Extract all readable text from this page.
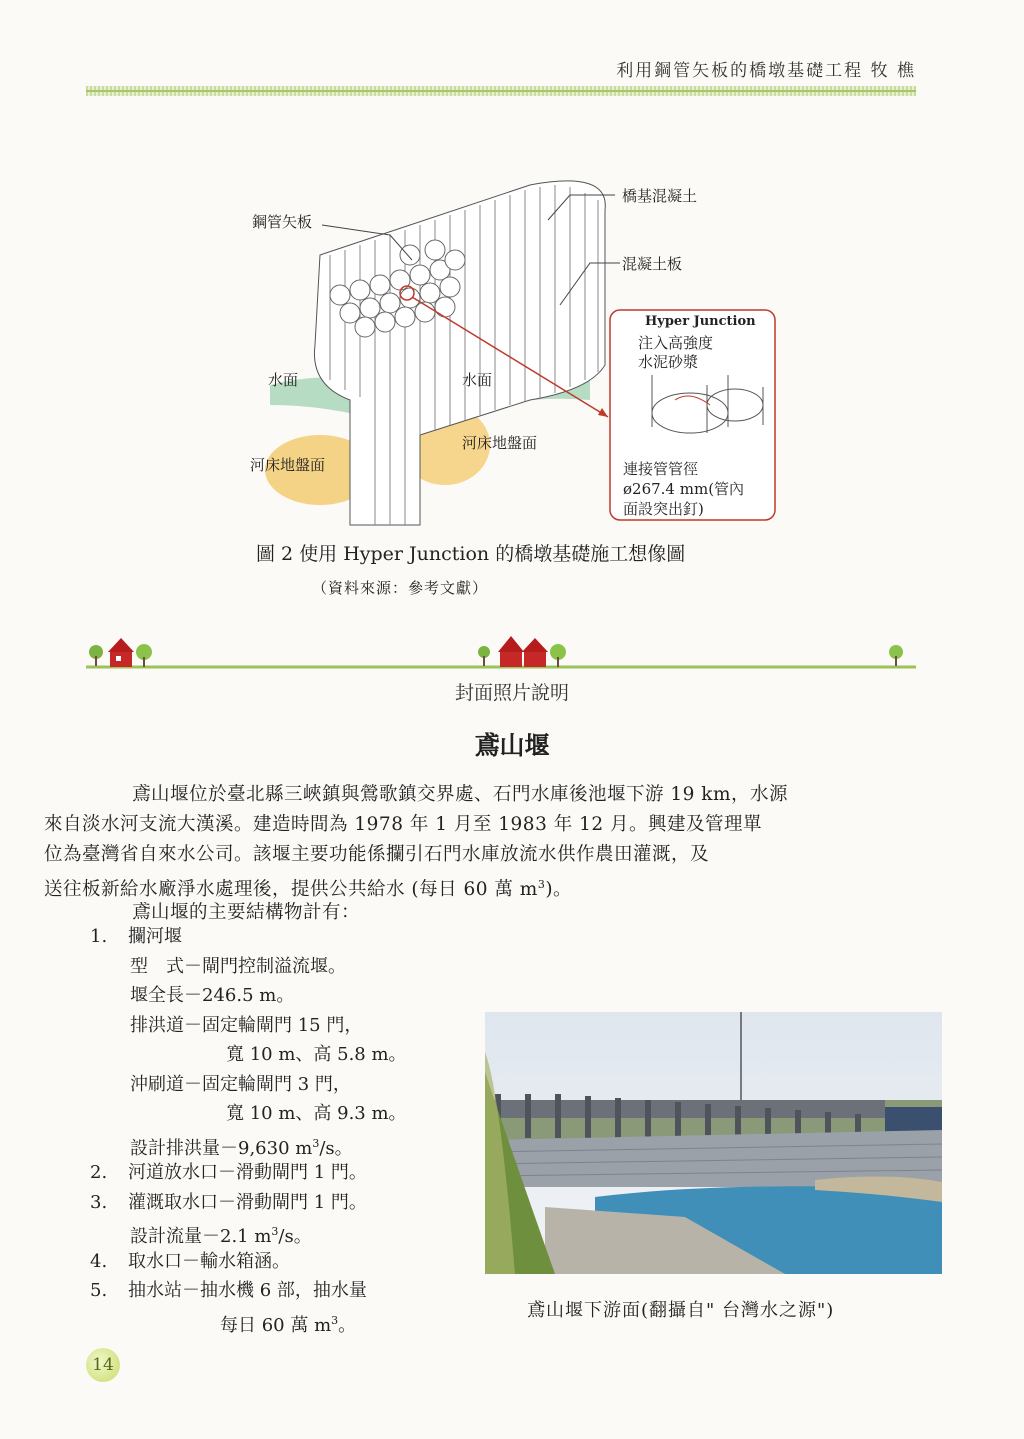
利用鋼管矢板的橋墩基礎工程 牧 樵
鋼管矢板
橋基混凝土
混凝土板
水面	水面
河床地盤面
河床地盤面
Hyper Junction
注入高強度
水泥砂漿
連接管管徑
ø267.4 mm(管內
面設突出釘)
圖 2 使用 Hyper Junction 的橋墩基礎施工想像圖
（資料來源：參考文獻）
封面照片說明
鳶山堰
鳶山堰位於臺北縣三峽鎮與鶯歌鎮交界處、石門水庫後池堰下游 19 km，水源
來自淡水河支流大漢溪。建造時間為 1978 年 1 月至 1983 年 12 月。興建及管理單
位為臺灣省自來水公司。該堰主要功能係攔引石門水庫放流水供作農田灌溉，及
送往板新給水廠淨水處理後，提供公共給水 (每日 60 萬 $m^3$)。
鳶山堰的主要結構物計有：
1. 攔河堰
型　式－閘門控制溢流堰。
堰全長－246.5 m。
排洪道－固定輪閘門 15 門，
寬 10 m、高 5.8 m。
沖刷道－固定輪閘門 3 門，
寬 10 m、高 9.3 m。
設計排洪量－9,630 $m^3/s$。
2. 河道放水口－滑動閘門 1 門。
3. 灌溉取水口－滑動閘門 1 門。
設計流量－2.1 $m^3/s$。
4. 取水口－輸水箱涵。
5. 抽水站－抽水機 6 部，抽水量
每日 60 萬 $m^3$。
鳶山堰下游面(翻攝自" 台灣水之源")
14
